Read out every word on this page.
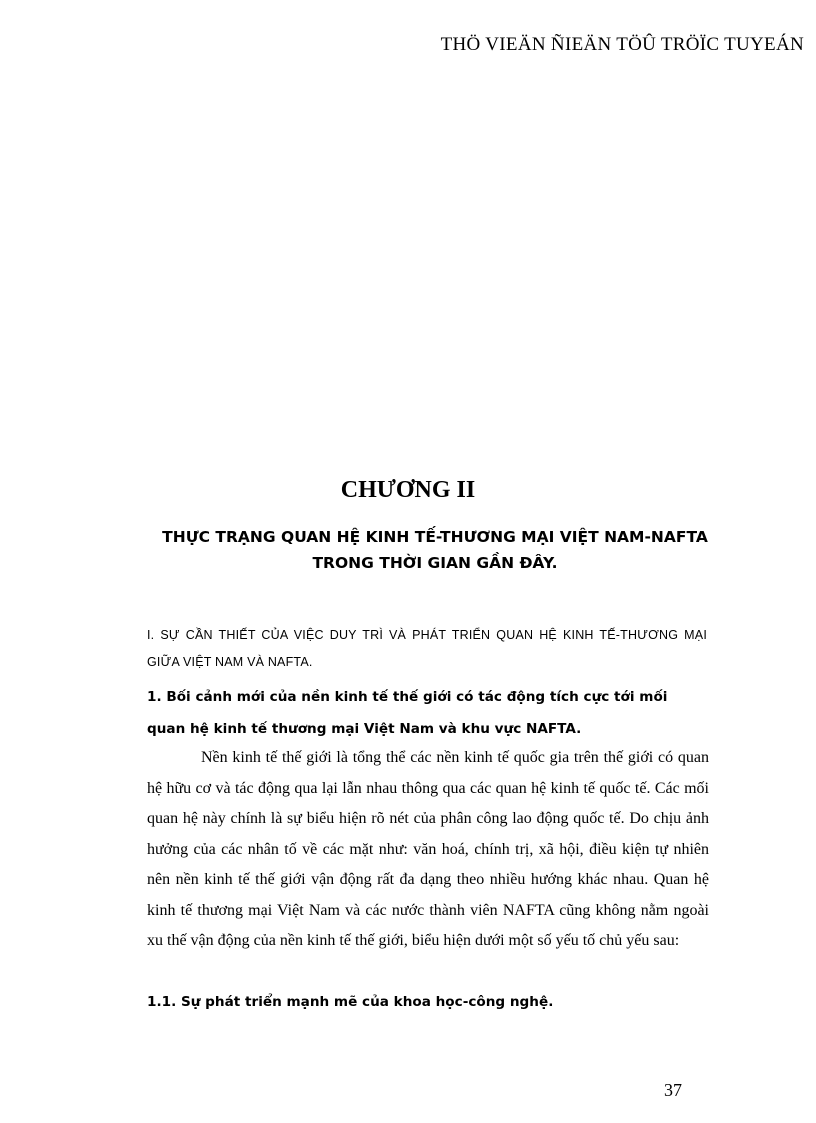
THÖ VIEÄN ÑIEÄN TÖÛ TRÖÏC TUYEÁN
CHƯƠNG II
THỰC TRẠNG QUAN HỆ KINH TẾ-THƯƠNG MẠI VIỆT NAM-NAFTA
TRONG THỜI GIAN GẦN ĐÂY.
I. SỰ CẦN THIẾT CỦA VIỆC DUY TRÌ VÀ PHÁT TRIỂN QUAN HỆ KINH TẾ-THƯƠNG MẠI GIỮA VIỆT NAM VÀ NAFTA.
1. Bối cảnh mới của nền kinh tế thế giới có tác động tích cực tới mối quan hệ kinh tế thương mại Việt Nam và khu vực NAFTA.

Nền kinh tế thế giới là tổng thể các nền kinh tế quốc gia trên thế giới có quan hệ hữu cơ và tác động qua lại lẫn nhau thông qua các quan hệ kinh tế quốc tế. Các mối quan hệ này chính là sự biểu hiện rõ nét của phân công lao động quốc tế. Do chịu ảnh hưởng của các nhân tố về các mặt như: văn hoá, chính trị, xã hội, điều kiện tự nhiên nên nền kinh tế thế giới vận động rất đa dạng theo nhiều hướng khác nhau. Quan hệ kinh tế thương mại Việt Nam và các nước thành viên NAFTA cũng không nằm ngoài xu thế vận động của nền kinh tế thế giới, biểu hiện dưới một số yếu tố chủ yếu sau:

1.1. Sự phát triển mạnh mẽ của khoa học-công nghệ.
37
